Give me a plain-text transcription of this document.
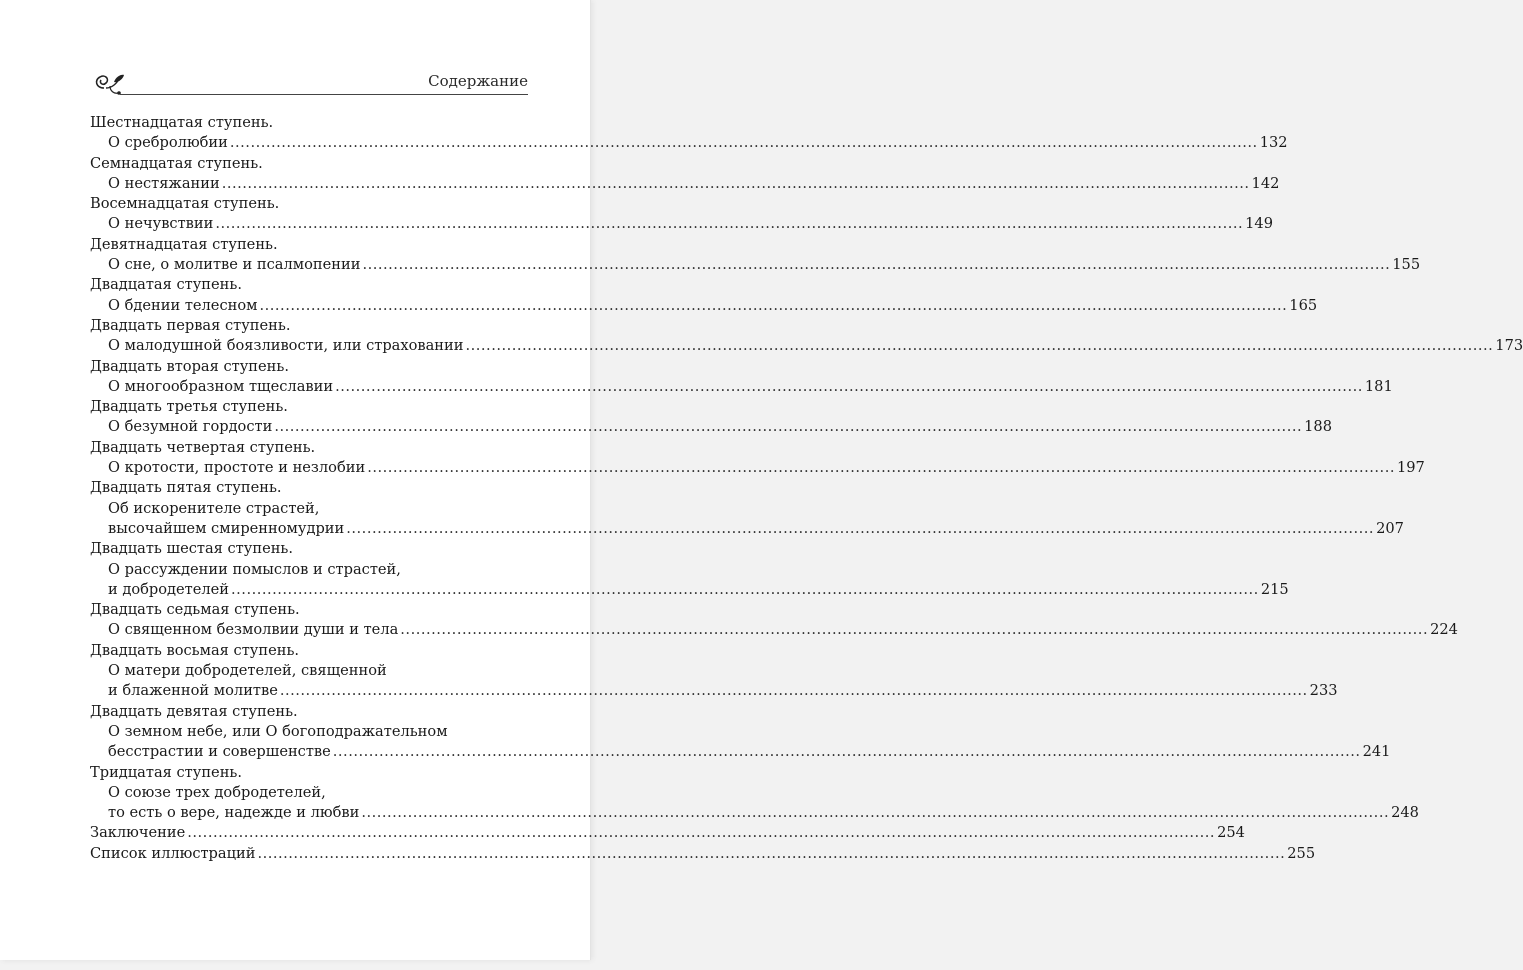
Содержание
Шестнадцатая ступень.
О сребролюбии ........................................................................................................................................................................................................ 132
Семнадцатая ступень.
О нестяжании ........................................................................................................................................................................................................ 142
Восемнадцатая ступень.
О нечувствии ........................................................................................................................................................................................................ 149
Девятнадцатая ступень.
О сне, о молитве и псалмопении ........................................................................................................................................................................................................ 155
Двадцатая ступень.
О бдении телесном ........................................................................................................................................................................................................ 165
Двадцать первая ступень.
О малодушной боязливости, или страховании ........................................................................................................................................................................................................ 173
Двадцать вторая ступень.
О многообразном тщеславии ........................................................................................................................................................................................................ 181
Двадцать третья ступень.
О безумной гордости ........................................................................................................................................................................................................ 188
Двадцать четвертая ступень.
О кротости, простоте и незлобии ........................................................................................................................................................................................................ 197
Двадцать пятая ступень.
Об искоренителе страстей,
высочайшем смиренномудрии ........................................................................................................................................................................................................ 207
Двадцать шестая ступень.
О рассуждении помыслов и страстей,
и добродетелей ........................................................................................................................................................................................................ 215
Двадцать седьмая ступень.
О священном безмолвии души и тела ........................................................................................................................................................................................................ 224
Двадцать восьмая ступень.
О матери добродетелей, священной
и блаженной молитве ........................................................................................................................................................................................................ 233
Двадцать девятая ступень.
О земном небе, или О богоподражательном
бесстрастии и совершенстве ........................................................................................................................................................................................................ 241
Тридцатая ступень.
О союзе трех добродетелей,
то есть о вере, надежде и любви ........................................................................................................................................................................................................ 248
Заключение ........................................................................................................................................................................................................ 254
Список иллюстраций ........................................................................................................................................................................................................ 255
